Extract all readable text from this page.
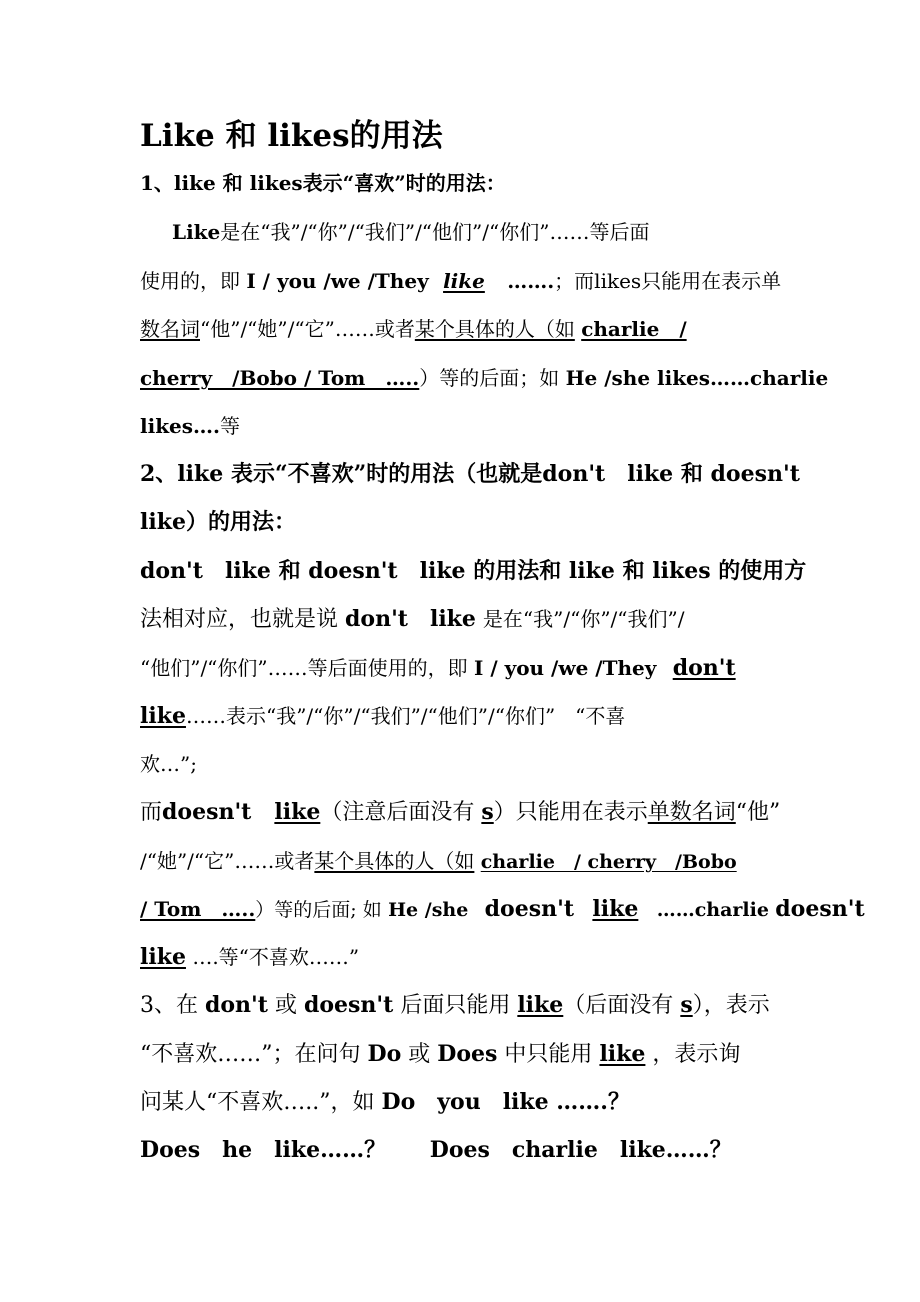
Like 和 likes的用法
1、like 和 likes表示“喜欢”时的用法：
Like是在“我”/“你”/“我们”/“他们”/“你们”……等后面
使用的，即 I / you /we /They like …….；而likes只能用在表示单
数名词“他”/“她”/“它”……或者某个具体的人（如 charlie　/
cherry　/Bobo / Tom　…..）等的后面；如 He /she likes……charlie
likes….等
2、like 表示“不喜欢”时的用法（也就是don't　like 和 doesn't
like）的用法：
don't　like 和 doesn't　like 的用法和 like 和 likes 的使用方
法相对应，也就是说 don't　like 是在“我”/“你”/“我们”/
“他们”/“你们”……等后面使用的，即 I / you /we /They don't
like……表示“我”/“你”/“我们”/“他们”/“你们”　“不喜
欢…”;
而doesn't like（注意后面没有 s）只能用在表示单数名词“他”
/“她”/“它”……或者某个具体的人（如 charlie　/ cherry　/Bobo
/ Tom　…..）等的后面; 如 He /she doesn't like ……charlie doesn't
like ….等“不喜欢……”
3、在 don't 或 doesn't 后面只能用 like（后面没有 s），表示
“不喜欢……”；在问句 Do 或 Does 中只能用 like ，表示询
问某人“不喜欢…..”，如 Do　you　like …….？
Does　he　like……？ Does　charlie　like……？
